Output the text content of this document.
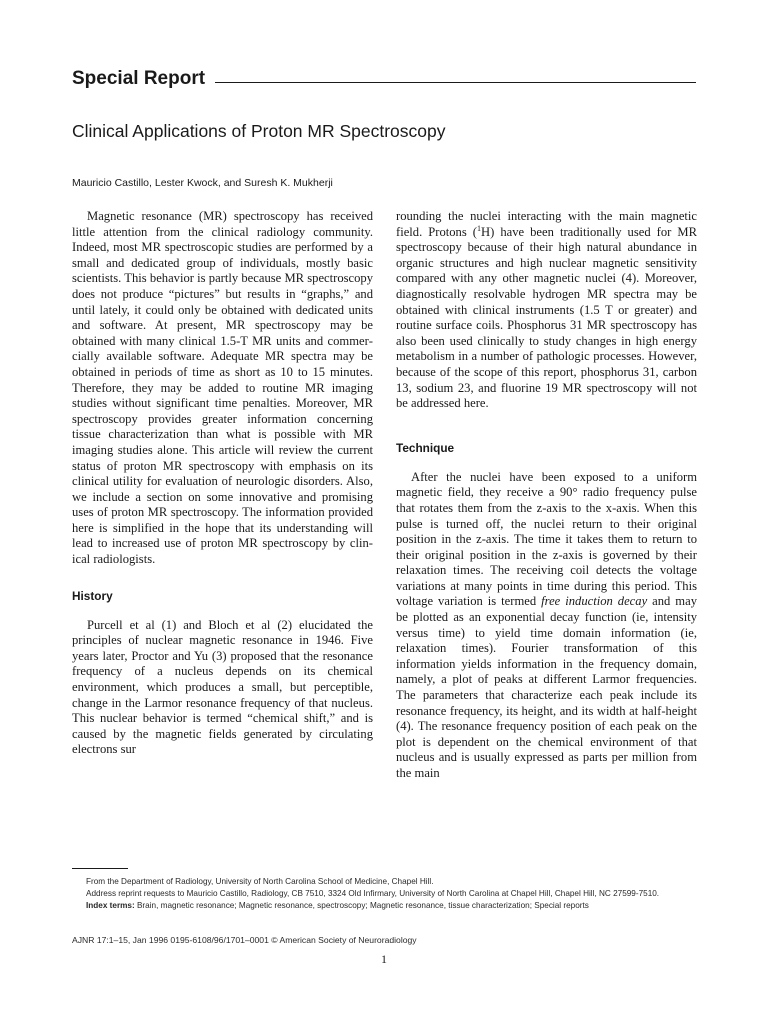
Special Report
Clinical Applications of Proton MR Spectroscopy
Mauricio Castillo, Lester Kwock, and Suresh K. Mukherji

Magnetic resonance (MR) spectroscopy has received little attention from the clinical radiology community. Indeed, most MR spectroscopic studies are performed by a small and dedicated group of individuals, mostly basic scientists. This behavior is partly because MR spectroscopy does not produce “pictures” but results in “graphs,” and until lately, it could only be obtained with dedicated units and software. At present, MR spectroscopy may be obtained with many clinical 1.5-T MR units and commercially available software. Adequate MR spectra may be obtained in periods of time as short as 10 to 15 minutes. Therefore, they may be added to routine MR imaging studies without significant time penalties. Moreover, MR spectroscopy provides greater information concerning tissue characterization than what is possible with MR imaging studies alone. This article will review the current status of proton MR spectroscopy with emphasis on its clinical utility for evaluation of neurologic disorders. Also, we include a section on some innovative and promising uses of proton MR spectroscopy. The information provided here is simplified in the hope that its understanding will lead to increased use of proton MR spectroscopy by clinical radiologists.

History

Purcell et al (1) and Bloch et al (2) elucidated the principles of nuclear magnetic resonance in 1946. Five years later, Proctor and Yu (3) proposed that the resonance frequency of a nucleus depends on its chemical environment, which produces a small, but perceptible, change in the Larmor resonance frequency of that nucleus. This nuclear behavior is termed “chemical shift,” and is caused by the magnetic fields generated by circulating electrons sur

rounding the nuclei interacting with the main magnetic field. Protons ($^1$H) have been traditionally used for MR spectroscopy because of their high natural abundance in organic structures and high nuclear magnetic sensitivity compared with any other magnetic nuclei (4). Moreover, diagnostically resolvable hydrogen MR spectra may be obtained with clinical instruments (1.5 T or greater) and routine surface coils. Phosphorus 31 MR spectroscopy has also been used clinically to study changes in high energy metabolism in a number of pathologic processes. However, because of the scope of this report, phosphorus 31, carbon 13, sodium 23, and fluorine 19 MR spectroscopy will not be addressed here.

Technique

After the nuclei have been exposed to a uniform magnetic field, they receive a 90° radio frequency pulse that rotates them from the z-axis to the x-axis. When this pulse is turned off, the nuclei return to their original position in the z-axis. The time it takes them to return to their original position in the z-axis is governed by their relaxation times. The receiving coil detects the voltage variations at many points in time during this period. This voltage variation is termed free induction decay and may be plotted as an exponential decay function (ie, intensity versus time) to yield time domain information (ie, relaxation times). Fourier transformation of this information yields information in the frequency domain, namely, a plot of peaks at different Larmor frequencies. The parameters that characterize each peak include its resonance frequency, its height, and its width at half-height (4). The resonance frequency position of each peak on the plot is dependent on the chemical environment of that nucleus and is usually expressed as parts per million from the main

From the Department of Radiology, University of North Carolina School of Medicine, Chapel Hill.

Address reprint requests to Mauricio Castillo, Radiology, CB 7510, 3324 Old Infirmary, University of North Carolina at Chapel Hill, Chapel Hill, NC 27599-7510.

Index terms: Brain, magnetic resonance; Magnetic resonance, spectroscopy; Magnetic resonance, tissue characterization; Special reports

AJNR 17:1–15, Jan 1996 0195-6108/96/1701–0001 © American Society of Neuroradiology
1
